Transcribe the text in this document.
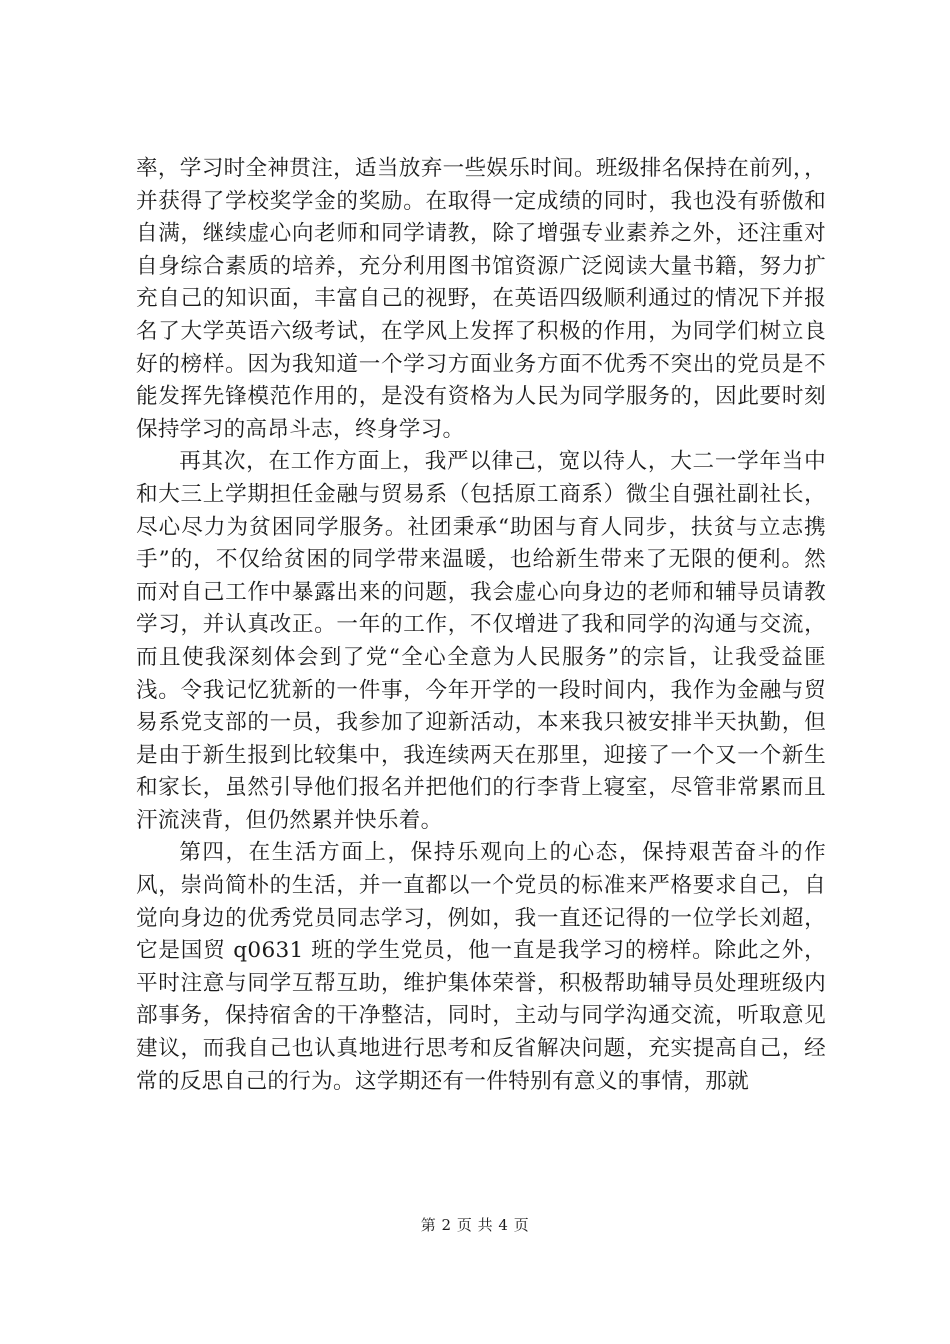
率，学习时全神贯注，适当放弃一些娱乐时间。班级排名保持在前列，，并获得了学校奖学金的奖励。在取得一定成绩的同时，我也没有骄傲和自满，继续虚心向老师和同学请教，除了增强专业素养之外，还注重对自身综合素质的培养，充分利用图书馆资源广泛阅读大量书籍，努力扩充自己的知识面，丰富自己的视野，在英语四级顺利通过的情况下并报名了大学英语六级考试，在学风上发挥了积极的作用，为同学们树立良好的榜样。因为我知道一个学习方面业务方面不优秀不突出的党员是不能发挥先锋模范作用的，是没有资格为人民为同学服务的，因此要时刻保持学习的高昂斗志，终身学习。

再其次，在工作方面上，我严以律己，宽以待人，大二一学年当中和大三上学期担任金融与贸易系（包括原工商系）微尘自强社副社长，尽心尽力为贫困同学服务。社团秉承“助困与育人同步，扶贫与立志携手”的，不仅给贫困的同学带来温暖，也给新生带来了无限的便利。然而对自己工作中暴露出来的问题，我会虚心向身边的老师和辅导员请教学习，并认真改正。一年的工作，不仅增进了我和同学的沟通与交流，而且使我深刻体会到了党“全心全意为人民服务”的宗旨，让我受益匪浅。令我记忆犹新的一件事，今年开学的一段时间内，我作为金融与贸易系党支部的一员，我参加了迎新活动，本来我只被安排半天执勤，但是由于新生报到比较集中，我连续两天在那里，迎接了一个又一个新生和家长，虽然引导他们报名并把他们的行李背上寝室，尽管非常累而且汗流浃背，但仍然累并快乐着。

第四，在生活方面上，保持乐观向上的心态，保持艰苦奋斗的作风，崇尚简朴的生活，并一直都以一个党员的标准来严格要求自己，自觉向身边的优秀党员同志学习，例如，我一直还记得的一位学长刘超，它是国贸 q0631 班的学生党员，他一直是我学习的榜样。除此之外，平时注意与同学互帮互助，维护集体荣誉，积极帮助辅导员处理班级内部事务，保持宿舍的干净整洁，同时，主动与同学沟通交流，听取意见建议，而我自己也认真地进行思考和反省解决问题，充实提高自己，经常的反思自己的行为。这学期还有一件特别有意义的事情，那就

第 2 页 共 4 页
